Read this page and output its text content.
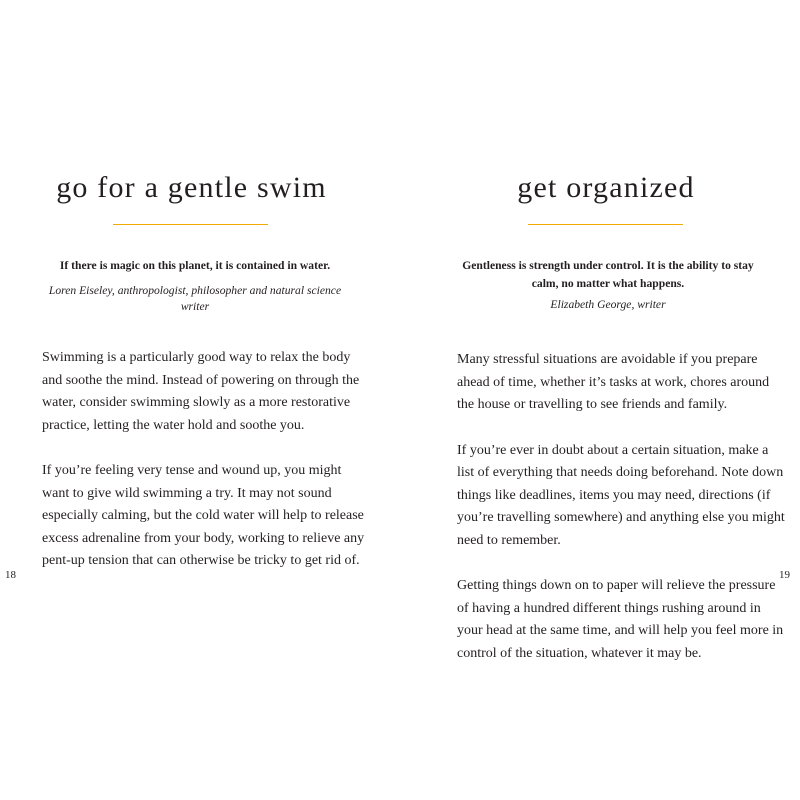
go for a gentle swim

If there is magic on this planet, it is contained in water.

Loren Eiseley, anthropologist, philosopher and natural science writer

Swimming is a particularly good way to relax the body and soothe the mind. Instead of powering on through the water, consider swimming slowly as a more restorative practice, letting the water hold and soothe you.

If you’re feeling very tense and wound up, you might want to give wild swimming a try. It may not sound especially calming, but the cold water will help to release excess adrenaline from your body, working to relieve any pent-up tension that can otherwise be tricky to get rid of.

18
get organized

Gentleness is strength under control. It is the ability to stay calm, no matter what happens.

Elizabeth George, writer

Many stressful situations are avoidable if you prepare ahead of time, whether it’s tasks at work, chores around the house or travelling to see friends and family.

If you’re ever in doubt about a certain situation, make a list of everything that needs doing beforehand. Note down things like deadlines, items you may need, directions (if you’re travelling somewhere) and anything else you might need to remember.

Getting things down on to paper will relieve the pressure of having a hundred different things rushing around in your head at the same time, and will help you feel more in control of the situation, whatever it may be.

19
